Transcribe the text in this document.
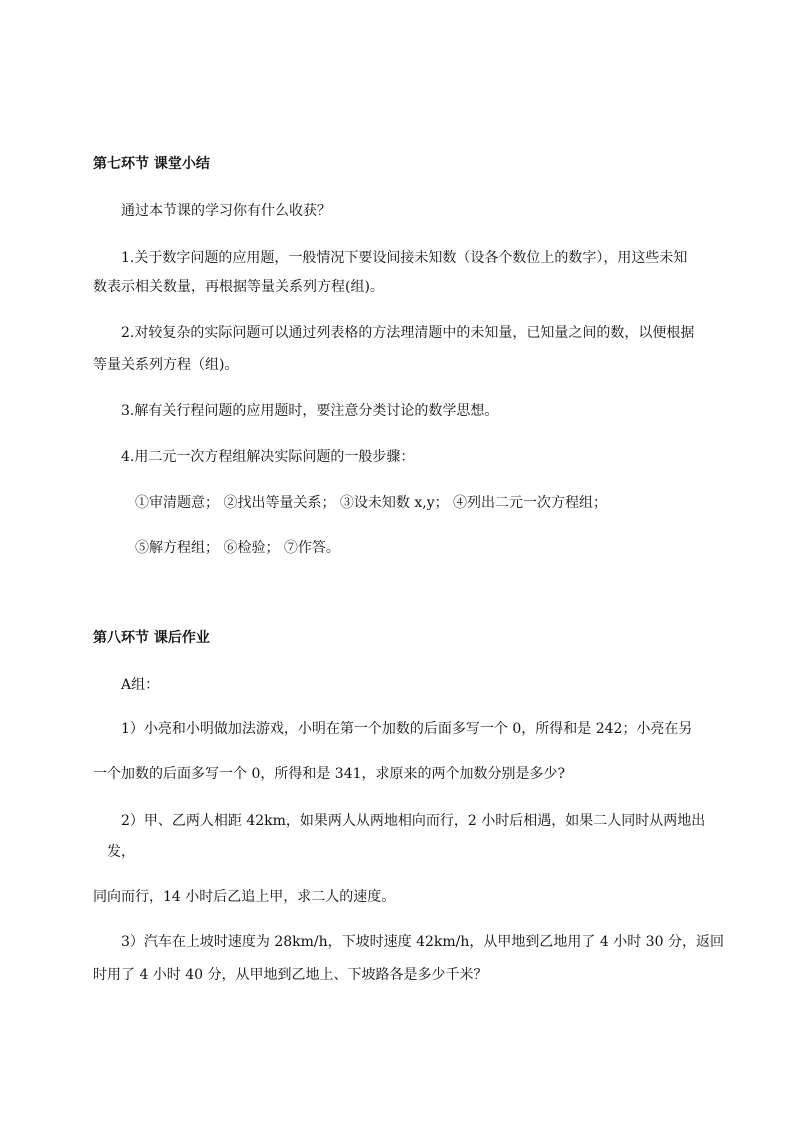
第七环节 课堂小结
通过本节课的学习你有什么收获？
1.关于数字问题的应用题，一般情况下要设间接未知数（设各个数位上的数字），用这些未知
数表示相关数量，再根据等量关系列方程(组)。
2.对较复杂的实际问题可以通过列表格的方法理清题中的未知量，已知量之间的数，以便根据
等量关系列方程（组)。
3.解有关行程问题的应用题时，要注意分类讨论的数学思想。
4.用二元一次方程组解决实际问题的一般步骤：
①审清题意； ②找出等量关系； ③设未知数 x,y； ④列出二元一次方程组；
⑤解方程组； ⑥检验； ⑦作答。
第八环节 课后作业
A组：
1）小亮和小明做加法游戏，小明在第一个加数的后面多写一个 0，所得和是 242；小亮在另
一个加数的后面多写一个 0，所得和是 341，求原来的两个加数分别是多少?
2）甲、乙两人相距 42km，如果两人从两地相向而行，2 小时后相遇，如果二人同时从两地出
发，
同向而行，14 小时后乙追上甲，求二人的速度。
3）汽车在上坡时速度为 28km/h，下坡时速度 42km/h，从甲地到乙地用了 4 小时 30 分，返回
时用了 4 小时 40 分，从甲地到乙地上、下坡路各是多少千米？
